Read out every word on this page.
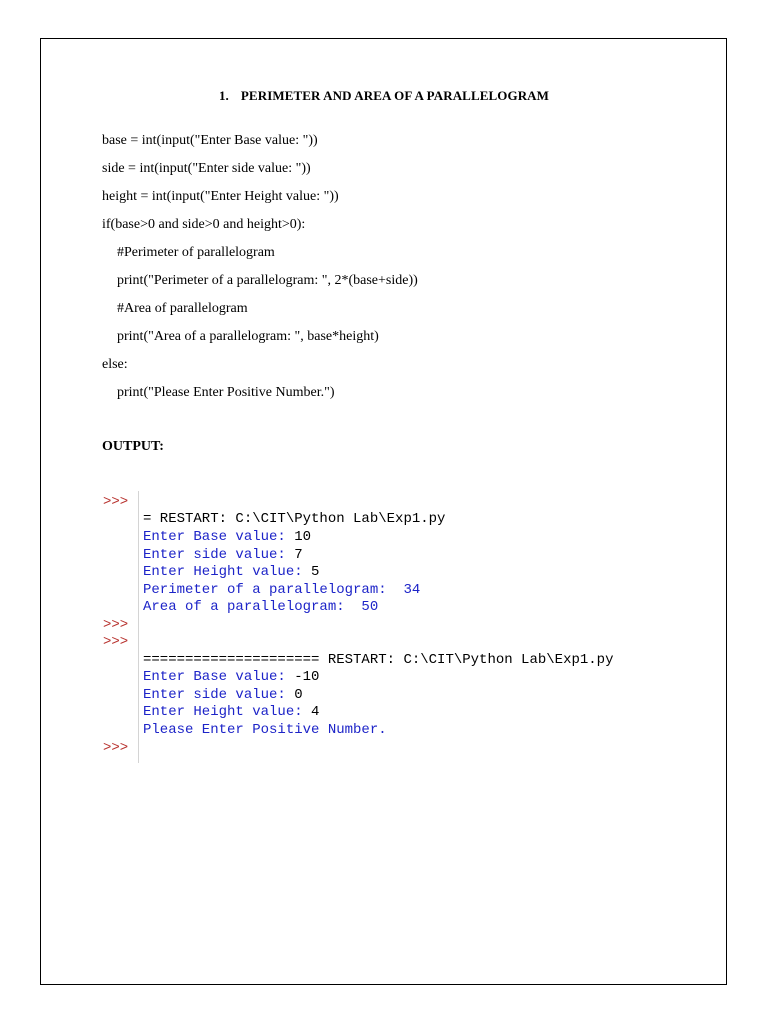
1. PERIMETER AND AREA OF A PARALLELOGRAM
base = int(input("Enter Base value: "))
side = int(input("Enter side value: "))
height = int(input("Enter Height value: "))
if(base>0 and side>0 and height>0):
#Perimeter of parallelogram
print("Perimeter of a parallelogram: ", 2*(base+side))
#Area of parallelogram
print("Area of a parallelogram: ", base*height)
else:
print("Please Enter Positive Number.")
OUTPUT:
>>>
= RESTART: C:\CIT\Python Lab\Exp1.py
Enter Base value: 10
Enter side value: 7
Enter Height value: 5
Perimeter of a parallelogram:  34
Area of a parallelogram:  50
>>>
>>>
===================== RESTART: C:\CIT\Python Lab\Exp1.py
Enter Base value: -10
Enter side value: 0
Enter Height value: 4
Please Enter Positive Number.
>>>
